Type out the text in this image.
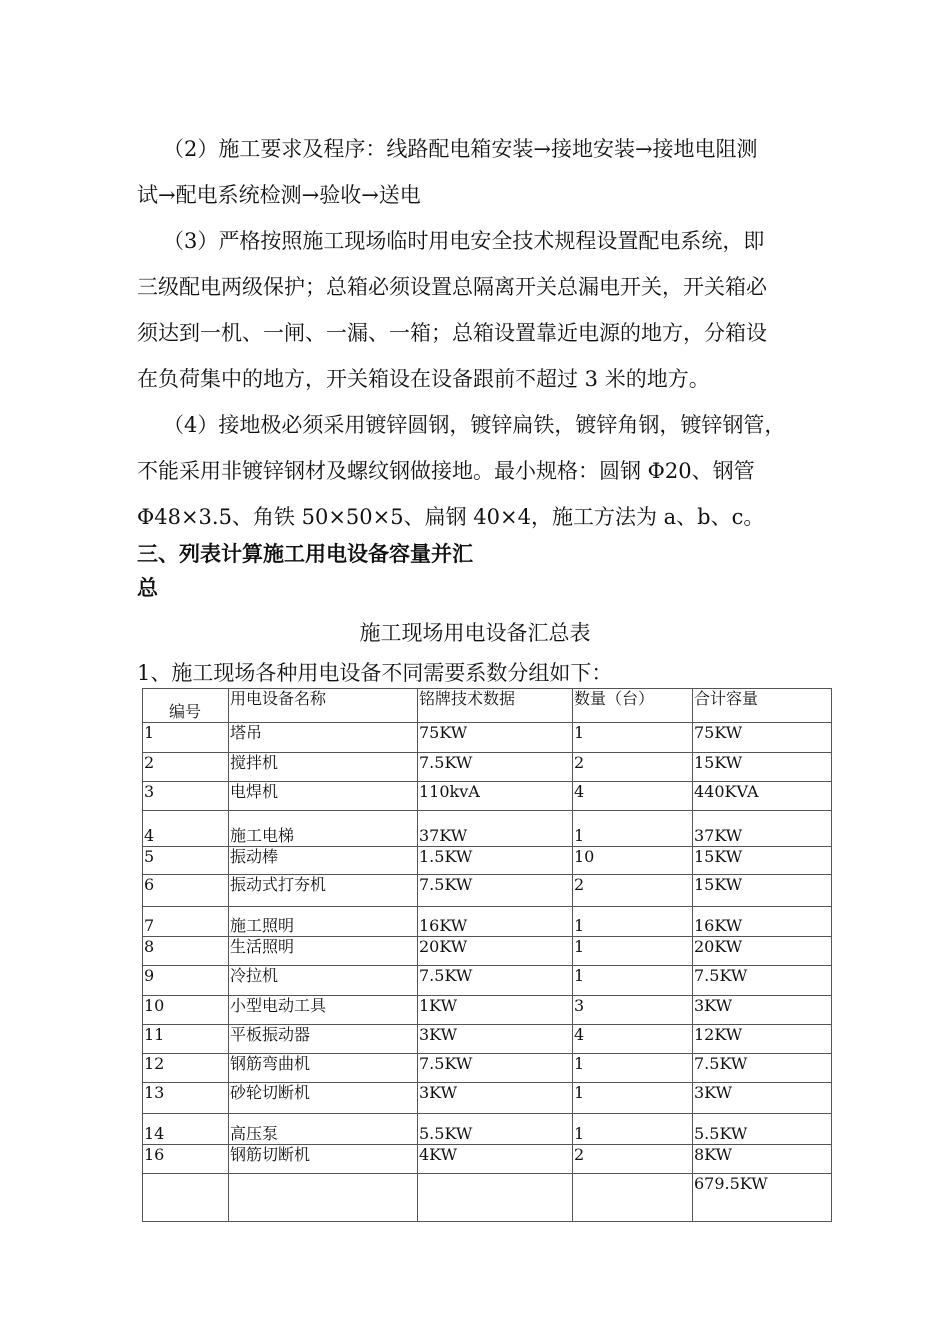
（2）施工要求及程序：线路配电箱安装→接地安装→接地电阻测
试→配电系统检测→验收→送电
（3）严格按照施工现场临时用电安全技术规程设置配电系统，即
三级配电两级保护；总箱必须设置总隔离开关总漏电开关，开关箱必
须达到一机、一闸、一漏、一箱；总箱设置靠近电源的地方，分箱设
在负荷集中的地方，开关箱设在设备跟前不超过 3 米的地方。
（4）接地极必须采用镀锌圆钢，镀锌扁铁，镀锌角钢，镀锌钢管，
不能采用非镀锌钢材及螺纹钢做接地。最小规格：圆钢 Φ20、钢管
Φ48×3.5、角铁 50×50×5、扁钢 40×4，施工方法为 a、b、c。
三、列表计算施工用电设备容量并汇
总
施工现场用电设备汇总表
1、施工现场各种用电设备不同需要系数分组如下：
编号	用电设备名称	铭牌技术数据	数量（台）	合计容量
1	塔吊	75KW	1	75KW
2	搅拌机	7.5KW	2	15KW
3	电焊机	110kvA	4	440KVA
4	施工电梯	37KW	1	37KW
5	振动棒	1.5KW	10	15KW
6	振动式打夯机	7.5KW	2	15KW
7	施工照明	16KW	1	16KW
8	生活照明	20KW	1	20KW
9	冷拉机	7.5KW	1	7.5KW
10	小型电动工具	1KW	3	3KW
11	平板振动器	3KW	4	12KW
12	钢筋弯曲机	7.5KW	1	7.5KW
13	砂轮切断机	3KW	1	3KW
14	高压泵	5.5KW	1	5.5KW
16	钢筋切断机	4KW	2	8KW
				679.5KW
